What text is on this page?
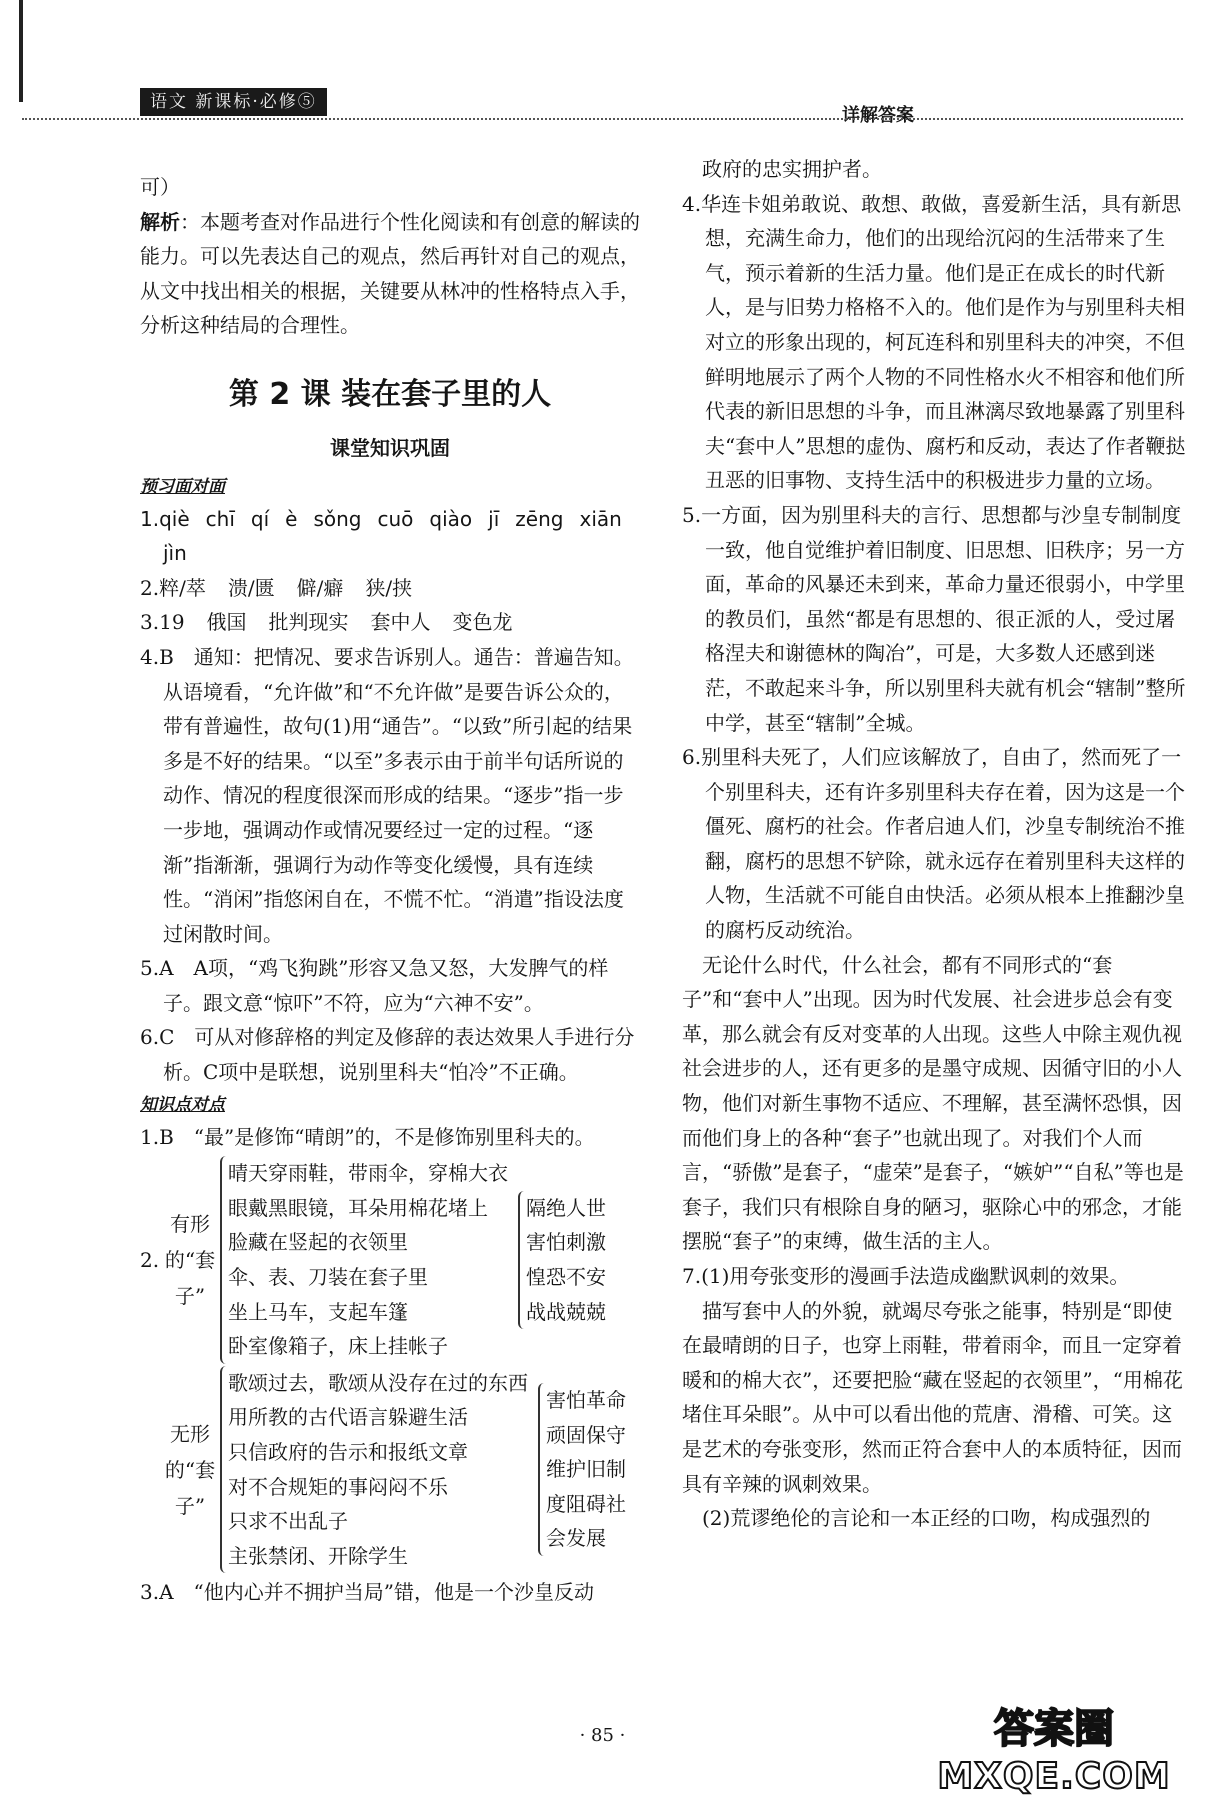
语文 新课标·必修⑤
详解答案

可）

解析：本题考查对作品进行个性化阅读和有创意的解读的能力。可以先表达自己的观点，然后再针对自己的观点，从文中找出相关的根据，关键要从林冲的性格特点入手，分析这种结局的合理性。

第 2 课 装在套子里的人
课堂知识巩固
预习面对面
1.qiè chī qí è sǒng cuō qiào jī zēng xiān
jìn
2.粹/萃 溃/匮 僻/癖 狭/挟
3.19 俄国 批判现实 套中人 变色龙

4.B　通知：把情况、要求告诉别人。通告：普遍告知。从语境看，“允许做”和“不允许做”是要告诉公众的，带有普遍性，故句(1)用“通告”。“以致”所引起的结果多是不好的结果。“以至”多表示由于前半句话所说的动作、情况的程度很深而形成的结果。“逐步”指一步一步地，强调动作或情况要经过一定的过程。“逐渐”指渐渐，强调行为动作等变化缓慢，具有连续性。“消闲”指悠闲自在，不慌不忙。“消遣”指设法度过闲散时间。

5.A　A项，“鸡飞狗跳”形容又急又怒，大发脾气的样子。跟文意“惊吓”不符，应为“六神不安”。

6.C　可从对修辞格的判定及修辞的表达效果人手进行分析。C项中是联想，说别里科夫“怕冷”不正确。

知识点对点

1.B　“最”是修饰“晴朗”的，不是修饰别里科夫的。

2.
有形的“套子”
晴天穿雨鞋，带雨伞，穿棉大衣
眼戴黑眼镜，耳朵用棉花堵上
脸藏在竖起的衣领里
伞、表、刀装在套子里
坐上马车，支起车篷
卧室像箱子，床上挂帐子
隔绝人世
害怕刺激
惶恐不安
战战兢兢
无形的“套子”
歌颂过去，歌颂从没存在过的东西
用所教的古代语言躲避生活
只信政府的告示和报纸文章
对不合规矩的事闷闷不乐
只求不出乱子
主张禁闭、开除学生
害怕革命
顽固保守
维护旧制
度阻碍社
会发展

3.A　“他内心并不拥护当局”错，他是一个沙皇反动

政府的忠实拥护者。

4.华连卡姐弟敢说、敢想、敢做，喜爱新生活，具有新思想，充满生命力，他们的出现给沉闷的生活带来了生气，预示着新的生活力量。他们是正在成长的时代新人，是与旧势力格格不入的。他们是作为与别里科夫相对立的形象出现的，柯瓦连科和别里科夫的冲突，不但鲜明地展示了两个人物的不同性格水火不相容和他们所代表的新旧思想的斗争，而且淋漓尽致地暴露了别里科夫“套中人”思想的虚伪、腐朽和反动，表达了作者鞭挞丑恶的旧事物、支持生活中的积极进步力量的立场。

5.一方面，因为别里科夫的言行、思想都与沙皇专制制度一致，他自觉维护着旧制度、旧思想、旧秩序；另一方面，革命的风暴还未到来，革命力量还很弱小，中学里的教员们，虽然“都是有思想的、很正派的人，受过屠格涅夫和谢德林的陶冶”，可是，大多数人还感到迷茫，不敢起来斗争，所以别里科夫就有机会“辖制”整所中学，甚至“辖制”全城。

6.别里科夫死了，人们应该解放了，自由了，然而死了一个别里科夫，还有许多别里科夫存在着，因为这是一个僵死、腐朽的社会。作者启迪人们，沙皇专制统治不推翻，腐朽的思想不铲除，就永远存在着别里科夫这样的人物，生活就不可能自由快活。必须从根本上推翻沙皇的腐朽反动统治。

无论什么时代，什么社会，都有不同形式的“套子”和“套中人”出现。因为时代发展、社会进步总会有变革，那么就会有反对变革的人出现。这些人中除主观仇视社会进步的人，还有更多的是墨守成规、因循守旧的小人物，他们对新生事物不适应、不理解，甚至满怀恐惧，因而他们身上的各种“套子”也就出现了。对我们个人而言，“骄傲”是套子，“虚荣”是套子，“嫉妒”“自私”等也是套子，我们只有根除自身的陋习，驱除心中的邪念，才能摆脱“套子”的束缚，做生活的主人。

7.(1)用夸张变形的漫画手法造成幽默讽刺的效果。

描写套中人的外貌，就竭尽夸张之能事，特别是“即使在最晴朗的日子，也穿上雨鞋，带着雨伞，而且一定穿着暖和的棉大衣”，还要把脸“藏在竖起的衣领里”，“用棉花堵住耳朵眼”。从中可以看出他的荒唐、滑稽、可笑。这是艺术的夸张变形，然而正符合套中人的本质特征，因而具有辛辣的讽刺效果。

(2)荒谬绝伦的言论和一本正经的口吻，构成强烈的

· 85 ·	答案圈
MXQE.COM
